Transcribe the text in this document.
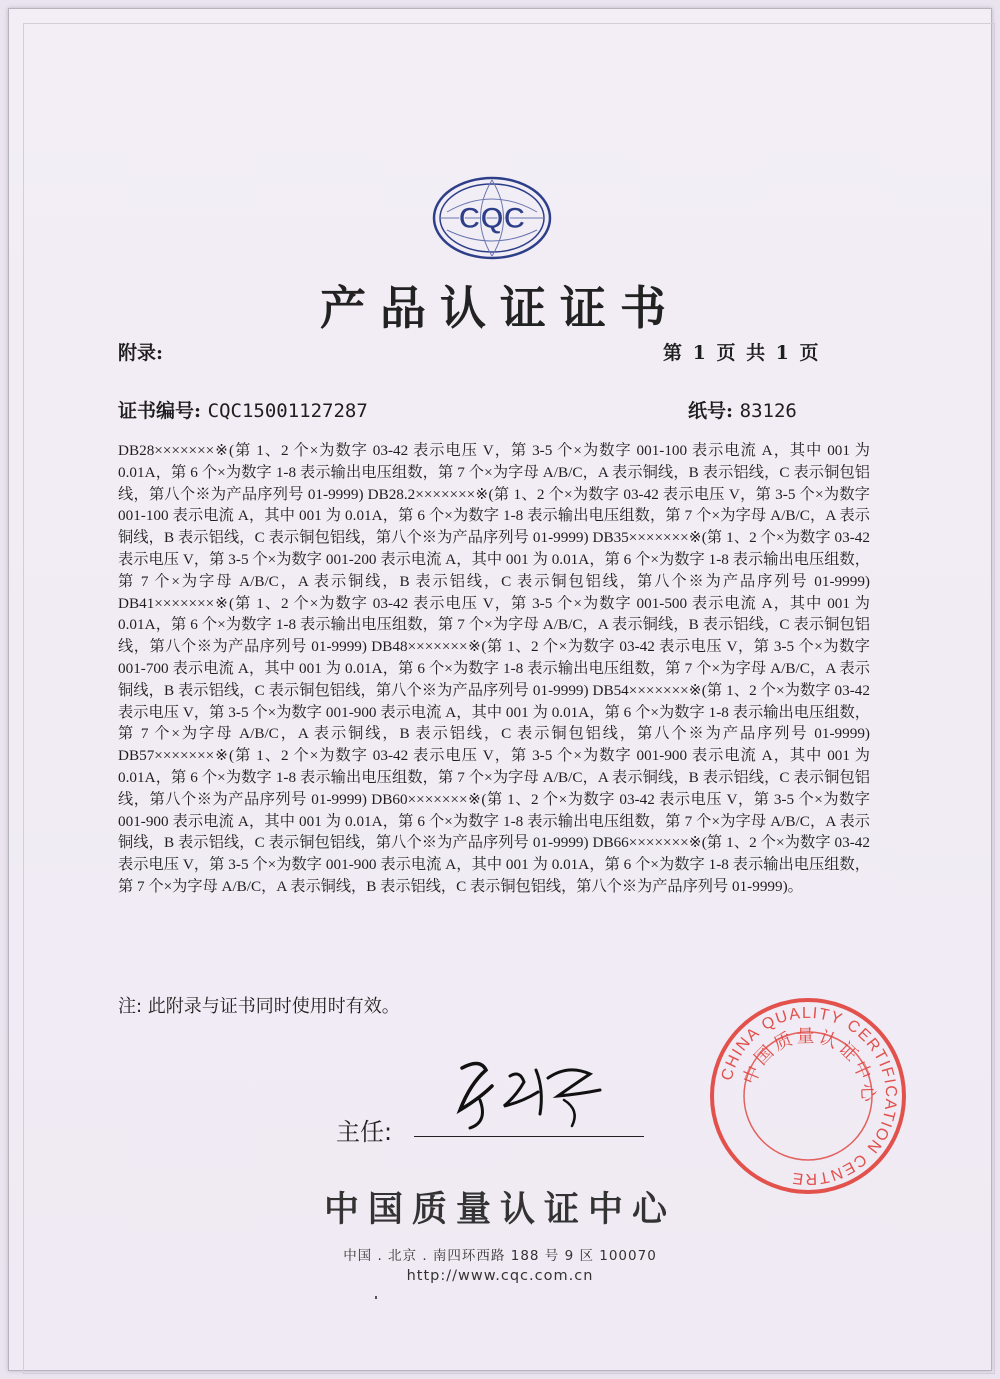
CQC
产品认证证书
附录:	第 1 页 共 1 页
证书编号: CQC15001127287	纸号: 83126
DB28×××××××※(第 1、2 个×为数字 03-42 表示电压 V，第 3-5 个×为数字 001-100 表示电流 A，其中 001 为 0.01A，第 6 个×为数字 1-8 表示输出电压组数，第 7 个×为字母 A/B/C，A 表示铜线，B 表示铝线，C 表示铜包铝线，第八个※为产品序列号 01-9999) DB28.2×××××××※(第 1、2 个×为数字 03-42 表示电压 V，第 3-5 个×为数字 001-100 表示电流 A，其中 001 为 0.01A，第 6 个×为数字 1-8 表示输出电压组数，第 7 个×为字母 A/B/C，A 表示铜线，B 表示铝线，C 表示铜包铝线，第八个※为产品序列号 01-9999) DB35×××××××※(第 1、2 个×为数字 03-42 表示电压 V，第 3-5 个×为数字 001-200 表示电流 A，其中 001 为 0.01A，第 6 个×为数字 1-8 表示输出电压组数，第 7 个×为字母 A/B/C，A 表示铜线，B 表示铝线，C 表示铜包铝线，第八个※为产品序列号 01-9999) DB41×××××××※(第 1、2 个×为数字 03-42 表示电压 V，第 3-5 个×为数字 001-500 表示电流 A，其中 001 为 0.01A，第 6 个×为数字 1-8 表示输出电压组数，第 7 个×为字母 A/B/C，A 表示铜线，B 表示铝线，C 表示铜包铝线，第八个※为产品序列号 01-9999) DB48×××××××※(第 1、2 个×为数字 03-42 表示电压 V，第 3-5 个×为数字 001-700 表示电流 A，其中 001 为 0.01A，第 6 个×为数字 1-8 表示输出电压组数，第 7 个×为字母 A/B/C，A 表示铜线，B 表示铝线，C 表示铜包铝线，第八个※为产品序列号 01-9999) DB54×××××××※(第 1、2 个×为数字 03-42 表示电压 V，第 3-5 个×为数字 001-900 表示电流 A，其中 001 为 0.01A，第 6 个×为数字 1-8 表示输出电压组数，第 7 个×为字母 A/B/C，A 表示铜线，B 表示铝线，C 表示铜包铝线，第八个※为产品序列号 01-9999) DB57×××××××※(第 1、2 个×为数字 03-42 表示电压 V，第 3-5 个×为数字 001-900 表示电流 A，其中 001 为 0.01A，第 6 个×为数字 1-8 表示输出电压组数，第 7 个×为字母 A/B/C，A 表示铜线，B 表示铝线，C 表示铜包铝线，第八个※为产品序列号 01-9999) DB60×××××××※(第 1、2 个×为数字 03-42 表示电压 V，第 3-5 个×为数字 001-900 表示电流 A，其中 001 为 0.01A，第 6 个×为数字 1-8 表示输出电压组数，第 7 个×为字母 A/B/C，A 表示铜线，B 表示铝线，C 表示铜包铝线，第八个※为产品序列号 01-9999) DB66×××××××※(第 1、2 个×为数字 03-42 表示电压 V，第 3-5 个×为数字 001-900 表示电流 A，其中 001 为 0.01A，第 6 个×为数字 1-8 表示输出电压组数，第 7 个×为字母 A/B/C，A 表示铜线，B 表示铝线，C 表示铜包铝线，第八个※为产品序列号 01-9999)。
注: 此附录与证书同时使用时有效。
主任:
CHINA QUALITY CERTIFICATION CENTRE
中国质量认证中心
中国质量认证中心
中国 . 北京 . 南四环西路 188 号 9 区 100070
http://www.cqc.com.cn
